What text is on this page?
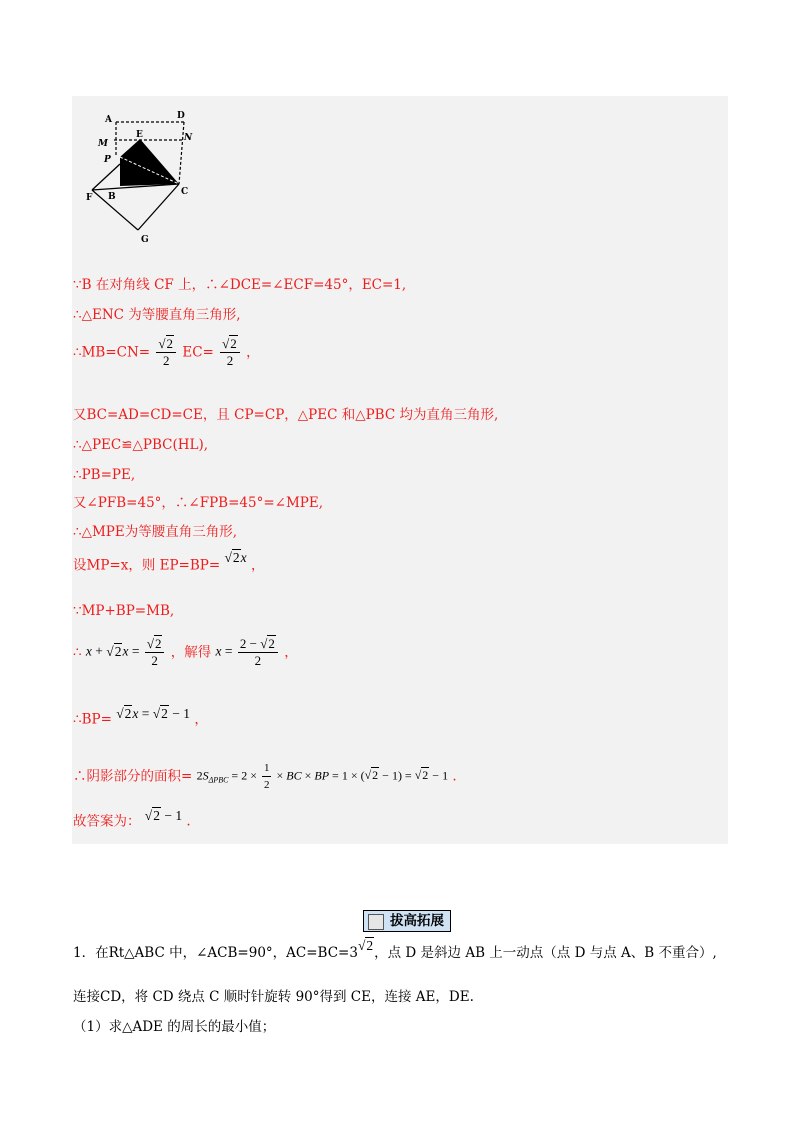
A	D
M
E	N
P
F B	C
G
∵B 在对角线 CF 上，∴∠DCE=∠ECF=45°，EC=1,
∴△ENC 为等腰直角三角形,
∴MB=CN= $\frac{√2}{2} EC= \frac{√2}{2}$ ，
又BC=AD=CD=CE，且 CP=CP，△PEC 和△PBC 均为直角三角形,
∴△PEC≌△PBC(HL),
∴PB=PE,
又∠PFB=45°，∴∠FPB=45°=∠MPE,
∴△MPE为等腰直角三角形,
设MP=x，则 EP=BP= √2x ，
∵MP+BP=MB,
∴ $x + √2x = \frac{√2}{2}$ ，解得 $x = \frac{2 - √2}{2}$ ，
∴BP= √2x = √2 − 1 ，
∴阴影部分的面积= $2S_{\Delta PBC} = 2 \times \frac{1}{2}$ × BC × BP = 1 × (√2 − 1) = √2 − 1 .
故答案为： √2 − 1 .
拔高拓展
1．在Rt△ABC 中，∠ACB=90°，AC=BC=3√2，点 D 是斜边 AB 上一动点（点 D 与点 A、B 不重合）,
连接CD，将 CD 绕点 C 顺时针旋转 90°得到 CE，连接 AE，DE.
（1）求△ADE 的周长的最小值；
